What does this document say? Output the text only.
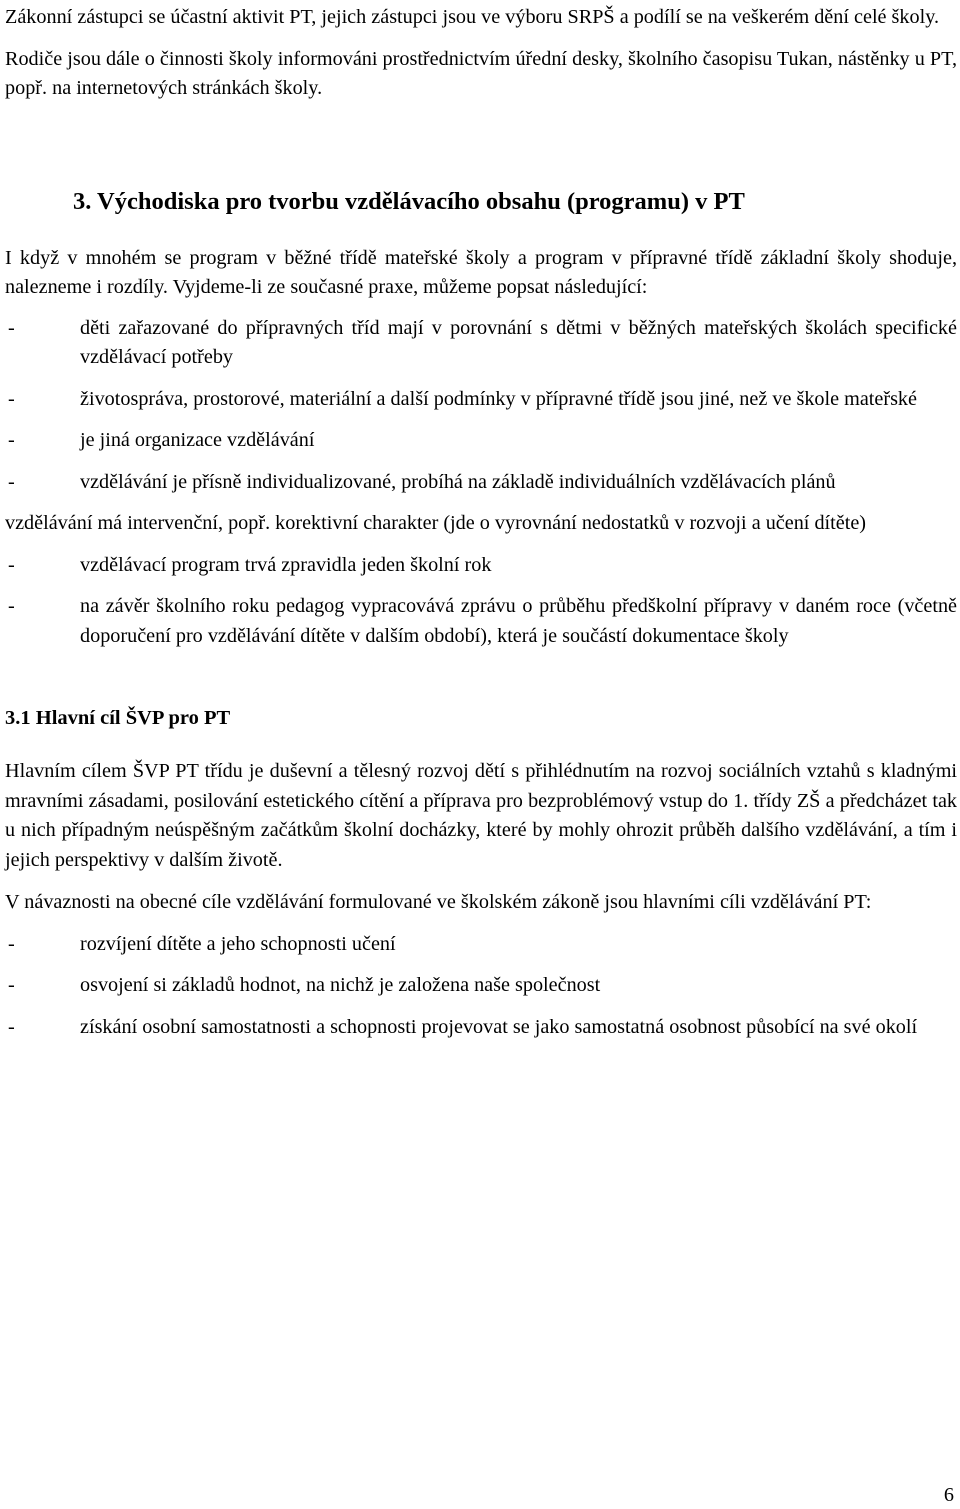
Zákonní zástupci se účastní aktivit PT, jejich zástupci jsou ve výboru SRPŠ a podílí se na veškerém dění celé školy.

Rodiče jsou dále o činnosti školy informováni prostřednictvím úřední desky, školního časopisu Tukan, nástěnky u PT, popř. na internetových stránkách školy.

3. Východiska pro tvorbu vzdělávacího obsahu (programu) v PT

I když v mnohém se program v běžné třídě mateřské školy a program v přípravné třídě základní školy shoduje, nalezneme i rozdíly. Vyjdeme-li ze současné praxe, můžeme popsat následující:

-	děti zařazované do přípravných tříd mají v porovnání s dětmi v běžných mateřských školách specifické vzdělávací potřeby
-	životospráva, prostorové, materiální a další podmínky v přípravné třídě jsou jiné, než ve škole mateřské
-	je jiná organizace vzdělávání
-	vzdělávání je přísně individualizované, probíhá na základě individuálních vzdělávacích plánů

vzdělávání má intervenční, popř. korektivní charakter (jde o vyrovnání nedostatků v rozvoji a učení dítěte)

-	vzdělávací program trvá zpravidla jeden školní rok
-	na závěr školního roku pedagog vypracovává zprávu o průběhu předškolní přípravy v daném roce (včetně doporučení pro vzdělávání dítěte v dalším období), která je součástí dokumentace školy
3.1 Hlavní cíl ŠVP pro PT

Hlavním cílem ŠVP PT třídu je duševní a tělesný rozvoj dětí s přihlédnutím na rozvoj sociálních vztahů s kladnými mravními zásadami, posilování estetického cítění a příprava pro bezproblémový vstup do 1. třídy ZŠ a předcházet tak u nich případným neúspěšným začátkům školní docházky, které by mohly ohrozit průběh dalšího vzdělávání, a tím i jejich perspektivy v dalším životě.

V návaznosti na obecné cíle vzdělávání formulované ve školském zákoně jsou hlavními cíli vzdělávání PT:

-	rozvíjení dítěte a jeho schopnosti učení
-	osvojení si základů hodnot, na nichž je založena naše společnost
-	získání osobní samostatnosti a schopnosti projevovat se jako samostatná osobnost působící na své okolí
6
